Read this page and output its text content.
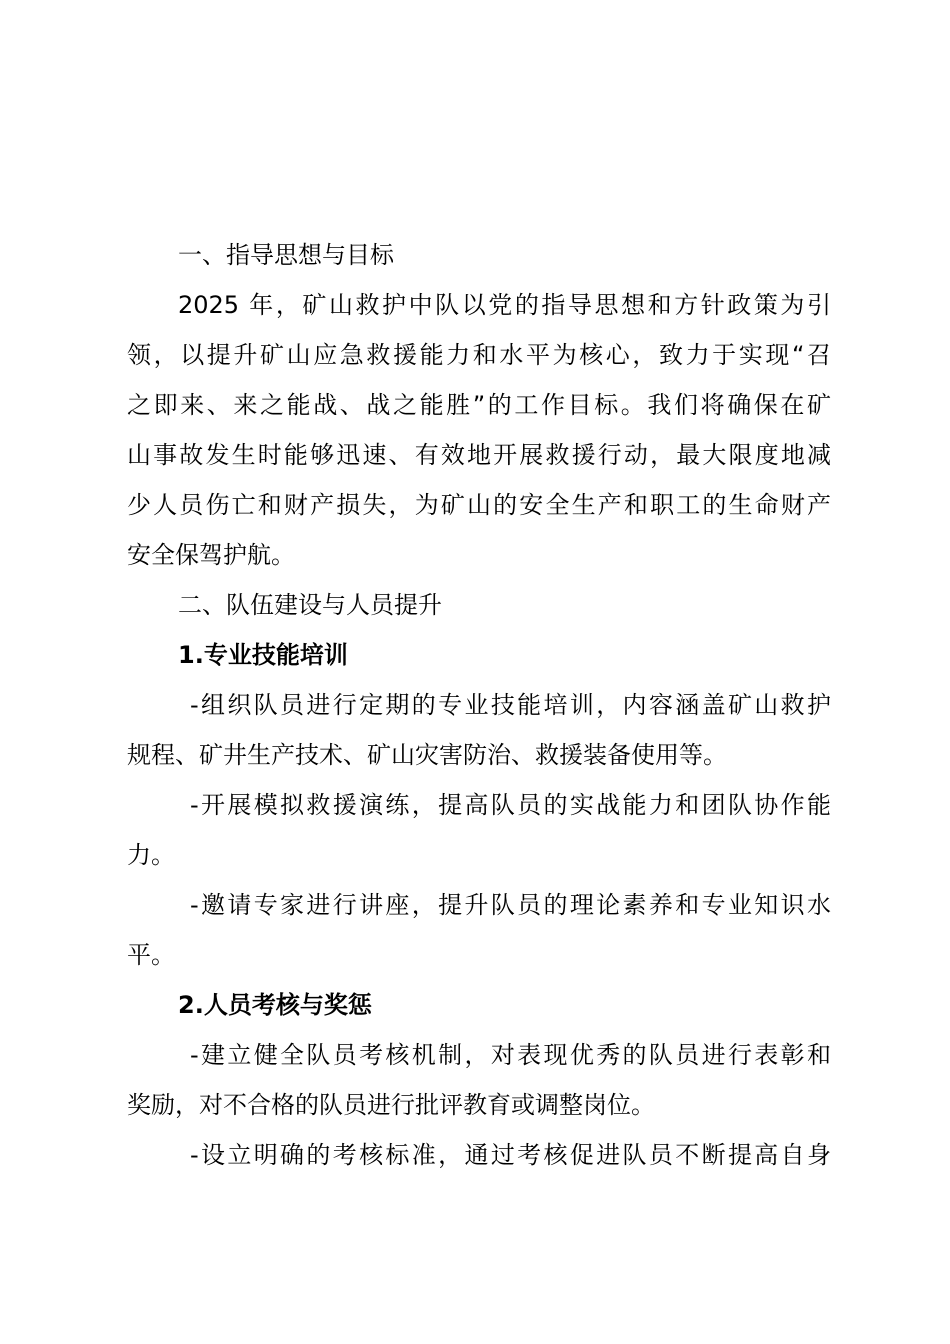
一、指导思想与目标
2025 年，矿山救护中队以党的指导思想和方针政策为引
领，以提升矿山应急救援能力和水平为核心，致力于实现“召
之即来、来之能战、战之能胜”的工作目标。我们将确保在矿
山事故发生时能够迅速、有效地开展救援行动，最大限度地减
少人员伤亡和财产损失，为矿山的安全生产和职工的生命财产
安全保驾护航。
二、队伍建设与人员提升
1.专业技能培训
-组织队员进行定期的专业技能培训，内容涵盖矿山救护
规程、矿井生产技术、矿山灾害防治、救援装备使用等。
-开展模拟救援演练，提高队员的实战能力和团队协作能
力。
-邀请专家进行讲座，提升队员的理论素养和专业知识水
平。
2.人员考核与奖惩
-建立健全队员考核机制，对表现优秀的队员进行表彰和
奖励，对不合格的队员进行批评教育或调整岗位。
-设立明确的考核标准，通过考核促进队员不断提高自身
